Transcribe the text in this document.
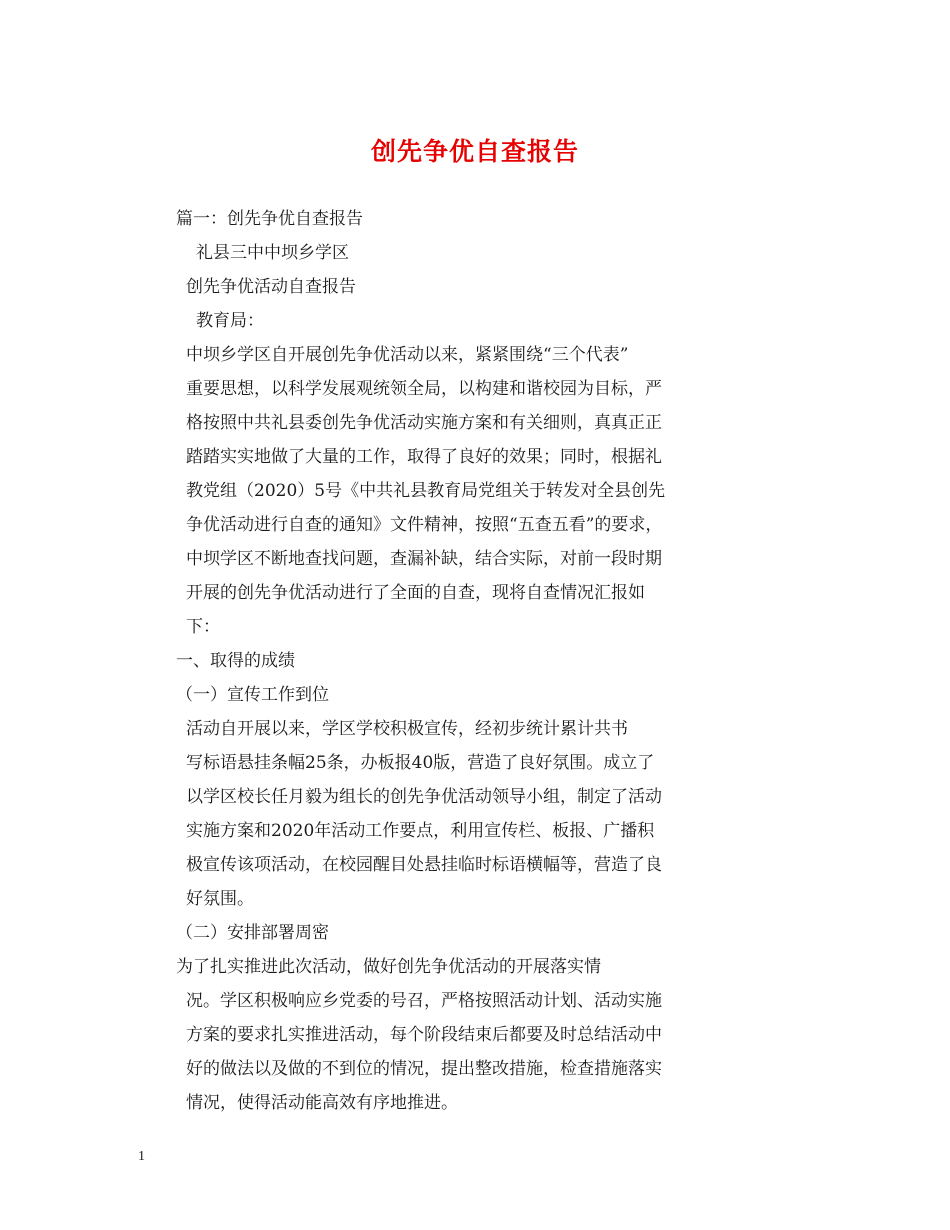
创先争优自查报告
篇一：创先争优自查报告
礼县三中中坝乡学区
创先争优活动自查报告
教育局：
中坝乡学区自开展创先争优活动以来，紧紧围绕“三个代表”
重要思想，以科学发展观统领全局，以构建和谐校园为目标，严
格按照中共礼县委创先争优活动实施方案和有关细则，真真正正
踏踏实实地做了大量的工作，取得了良好的效果；同时，根据礼
教党组（2020）5号《中共礼县教育局党组关于转发对全县创先
争优活动进行自查的通知》文件精神，按照“五查五看”的要求，
中坝学区不断地查找问题，查漏补缺，结合实际，对前一段时期
开展的创先争优活动进行了全面的自查，现将自查情况汇报如
下：
一、取得的成绩
（一）宣传工作到位
活动自开展以来，学区学校积极宣传，经初步统计累计共书
写标语悬挂条幅25条，办板报40版，营造了良好氛围。成立了
以学区校长任月毅为组长的创先争优活动领导小组，制定了活动
实施方案和2020年活动工作要点，利用宣传栏、板报、广播积
极宣传该项活动，在校园醒目处悬挂临时标语横幅等，营造了良
好氛围。
（二）安排部署周密
为了扎实推进此次活动，做好创先争优活动的开展落实情
况。学区积极响应乡党委的号召，严格按照活动计划、活动实施
方案的要求扎实推进活动，每个阶段结束后都要及时总结活动中
好的做法以及做的不到位的情况，提出整改措施，检查措施落实
情况，使得活动能高效有序地推进。
1
